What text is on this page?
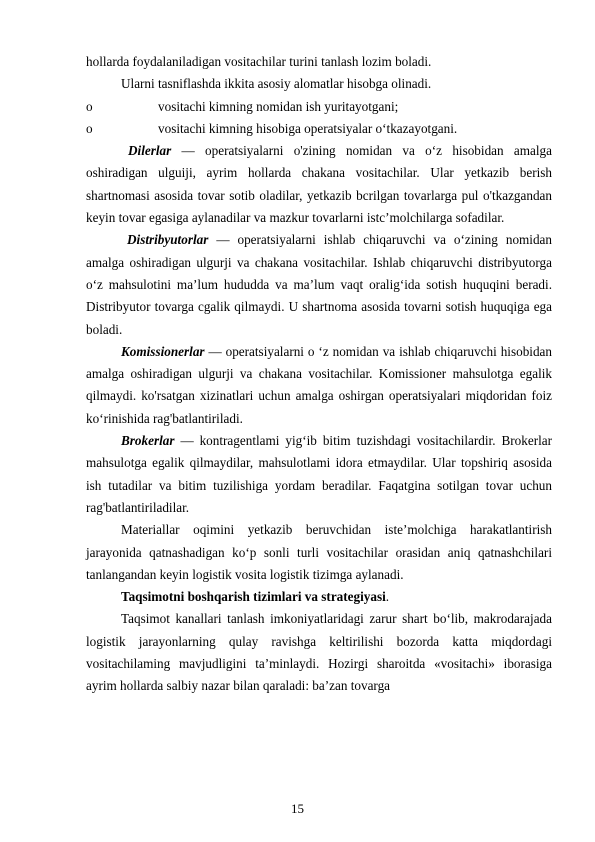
hollarda foydalaniladigan vositachilar turini tanlash lozim boladi.

Ularni tasniflashda ikkita asosiy alomatlar hisobga olinadi.

o	vositachi kimning nomidan ish yuritayotgani;
o	vositachi kimning hisobiga operatsiyalar o‘tkazayotgani.

Dilerlar — operatsiyalarni o'zining nomidan va o‘z hisobidan amalga oshiradigan ulguiji, ayrim hollarda chakana vositachilar. Ular yetkazib berish shartnomasi asosida tovar sotib oladilar, yetkazib bcrilgan tovarlarga pul o'tkazgandan keyin tovar egasiga aylanadilar va mazkur tovarlarni istc’molchilarga sofadilar.

Distribyutorlar — operatsiyalarni ishlab chiqaruvchi va o‘zining nomidan amalga oshiradigan ulgurji va chakana vositachilar. Ishlab chiqaruvchi distribyutorga o‘z mahsulotini ma’lum hududda va ma’lum vaqt oralig‘ida sotish huquqini beradi. Distribyutor tovarga cgalik qilmaydi. U shartnoma asosida tovarni sotish huquqiga ega boladi.

Komissionerlar — operatsiyalarni o ‘z nomidan va ishlab chiqaruvchi hisobidan amalga oshiradigan ulgurji va chakana vositachilar. Komissioner mahsulotga egalik qilmaydi. ko'rsatgan xizinatlari uchun amalga oshirgan operatsiyalari miqdoridan foiz ko‘rinishida rag'batlantiriladi.

Brokerlar — kontragentlami yig‘ib bitim tuzishdagi vositachilardir. Brokerlar mahsulotga egalik qilmaydilar, mahsulotlami idora etmaydilar. Ular topshiriq asosida ish tutadilar va bitim tuzilishiga yordam beradilar. Faqatgina sotilgan tovar uchun rag'batlantiriladilar.

Materiallar oqimini yetkazib beruvchidan iste’molchiga harakatlantirish jarayonida qatnashadigan ko‘p sonli turli vositachilar orasidan aniq qatnashchilari tanlangandan keyin logistik vosita logistik tizimga aylanadi.

Taqsimotni boshqarish tizimlari va strategiyasi.

Taqsimot kanallari tanlash imkoniyatlaridagi zarur shart bo‘lib, makrodarajada logistik jarayonlarning qulay ravishga keltirilishi bozorda katta miqdordagi vositachilaming mavjudligini ta’minlaydi. Hozirgi sharoitda «vositachi» iborasiga ayrim hollarda salbiy nazar bilan qaraladi: ba’zan tovarga

15
